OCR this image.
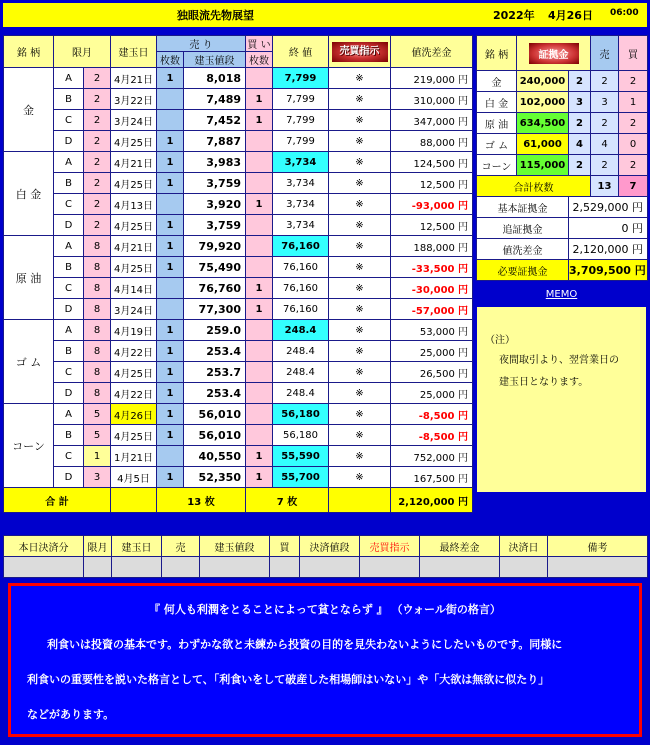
独眼流先物展望	2022年 4月26日 06:00
銘 柄	限月		建玉日	売 り		買 い	終 値	売買指示	値洗差金
				枚数	建玉値段	枚数			
金	A	2	4月21日	1	8,018		7,799	※	219,000 円
	B	2	3月22日		7,489	1	7,799	※	310,000 円
	C	2	3月24日		7,452	1	7,799	※	347,000 円
	D	2	4月25日	1	7,887		7,799	※	88,000 円
白 金	A	2	4月21日	1	3,983		3,734	※	124,500 円
	B	2	4月25日	1	3,759		3,734	※	12,500 円
	C	2	4月13日		3,920	1	3,734	※	-93,000 円
	D	2	4月25日	1	3,759		3,734	※	12,500 円
原 油	A	8	4月21日	1	79,920		76,160	※	188,000 円
	B	8	4月25日	1	75,490		76,160	※	-33,500 円
	C	8	4月14日		76,760	1	76,160	※	-30,000 円
	D	8	3月24日		77,300	1	76,160	※	-57,000 円
ゴ ム	A	8	4月19日	1	259.0		248.4	※	53,000 円
	B	8	4月22日	1	253.4		248.4	※	25,000 円
	C	8	4月25日	1	253.7		248.4	※	26,500 円
	D	8	4月22日	1	253.4		248.4	※	25,000 円
コーン	A	5	4月26日	1	56,010		56,180	※	-8,500 円
	B	5	4月25日	1	56,010		56,180	※	-8,500 円
	C	1	1月21日		40,550	1	55,590	※	752,000 円
	D	3	4月5日	1	52,350	1	55,700	※	167,500 円
合 計				13 枚		7 枚			2,120,000 円
銘 柄	証拠金		売	買
金	240,000	2	2	2
白 金	102,000	3	3	1
原 油	634,500	2	2	2
ゴ ム	61,000	4	4	0
コーン	115,000	2	2	2
合計枚数			13	7
基本証拠金		2,529,000 円		
追証拠金		0 円		
値洗差金		2,120,000 円		
必要証拠金		3,709,500 円		
MEMO
（注）
夜間取引より、翌営業日の
建玉日となります。
本日決済分	限月	建玉日	売	建玉値段	買	決済値段	売買指示	最終差金	決済日	備考

『 何人も利潤をとることによって貧とならず 』 （ウォール街の格言）
利食いは投資の基本です。わずかな欲と未練から投資の目的を見失わないようにしたいものです。同様に
利食いの重要性を説いた格言として、「利食いをして破産した相場師はいない」や「大欲は無欲に似たり」
などがあります。
